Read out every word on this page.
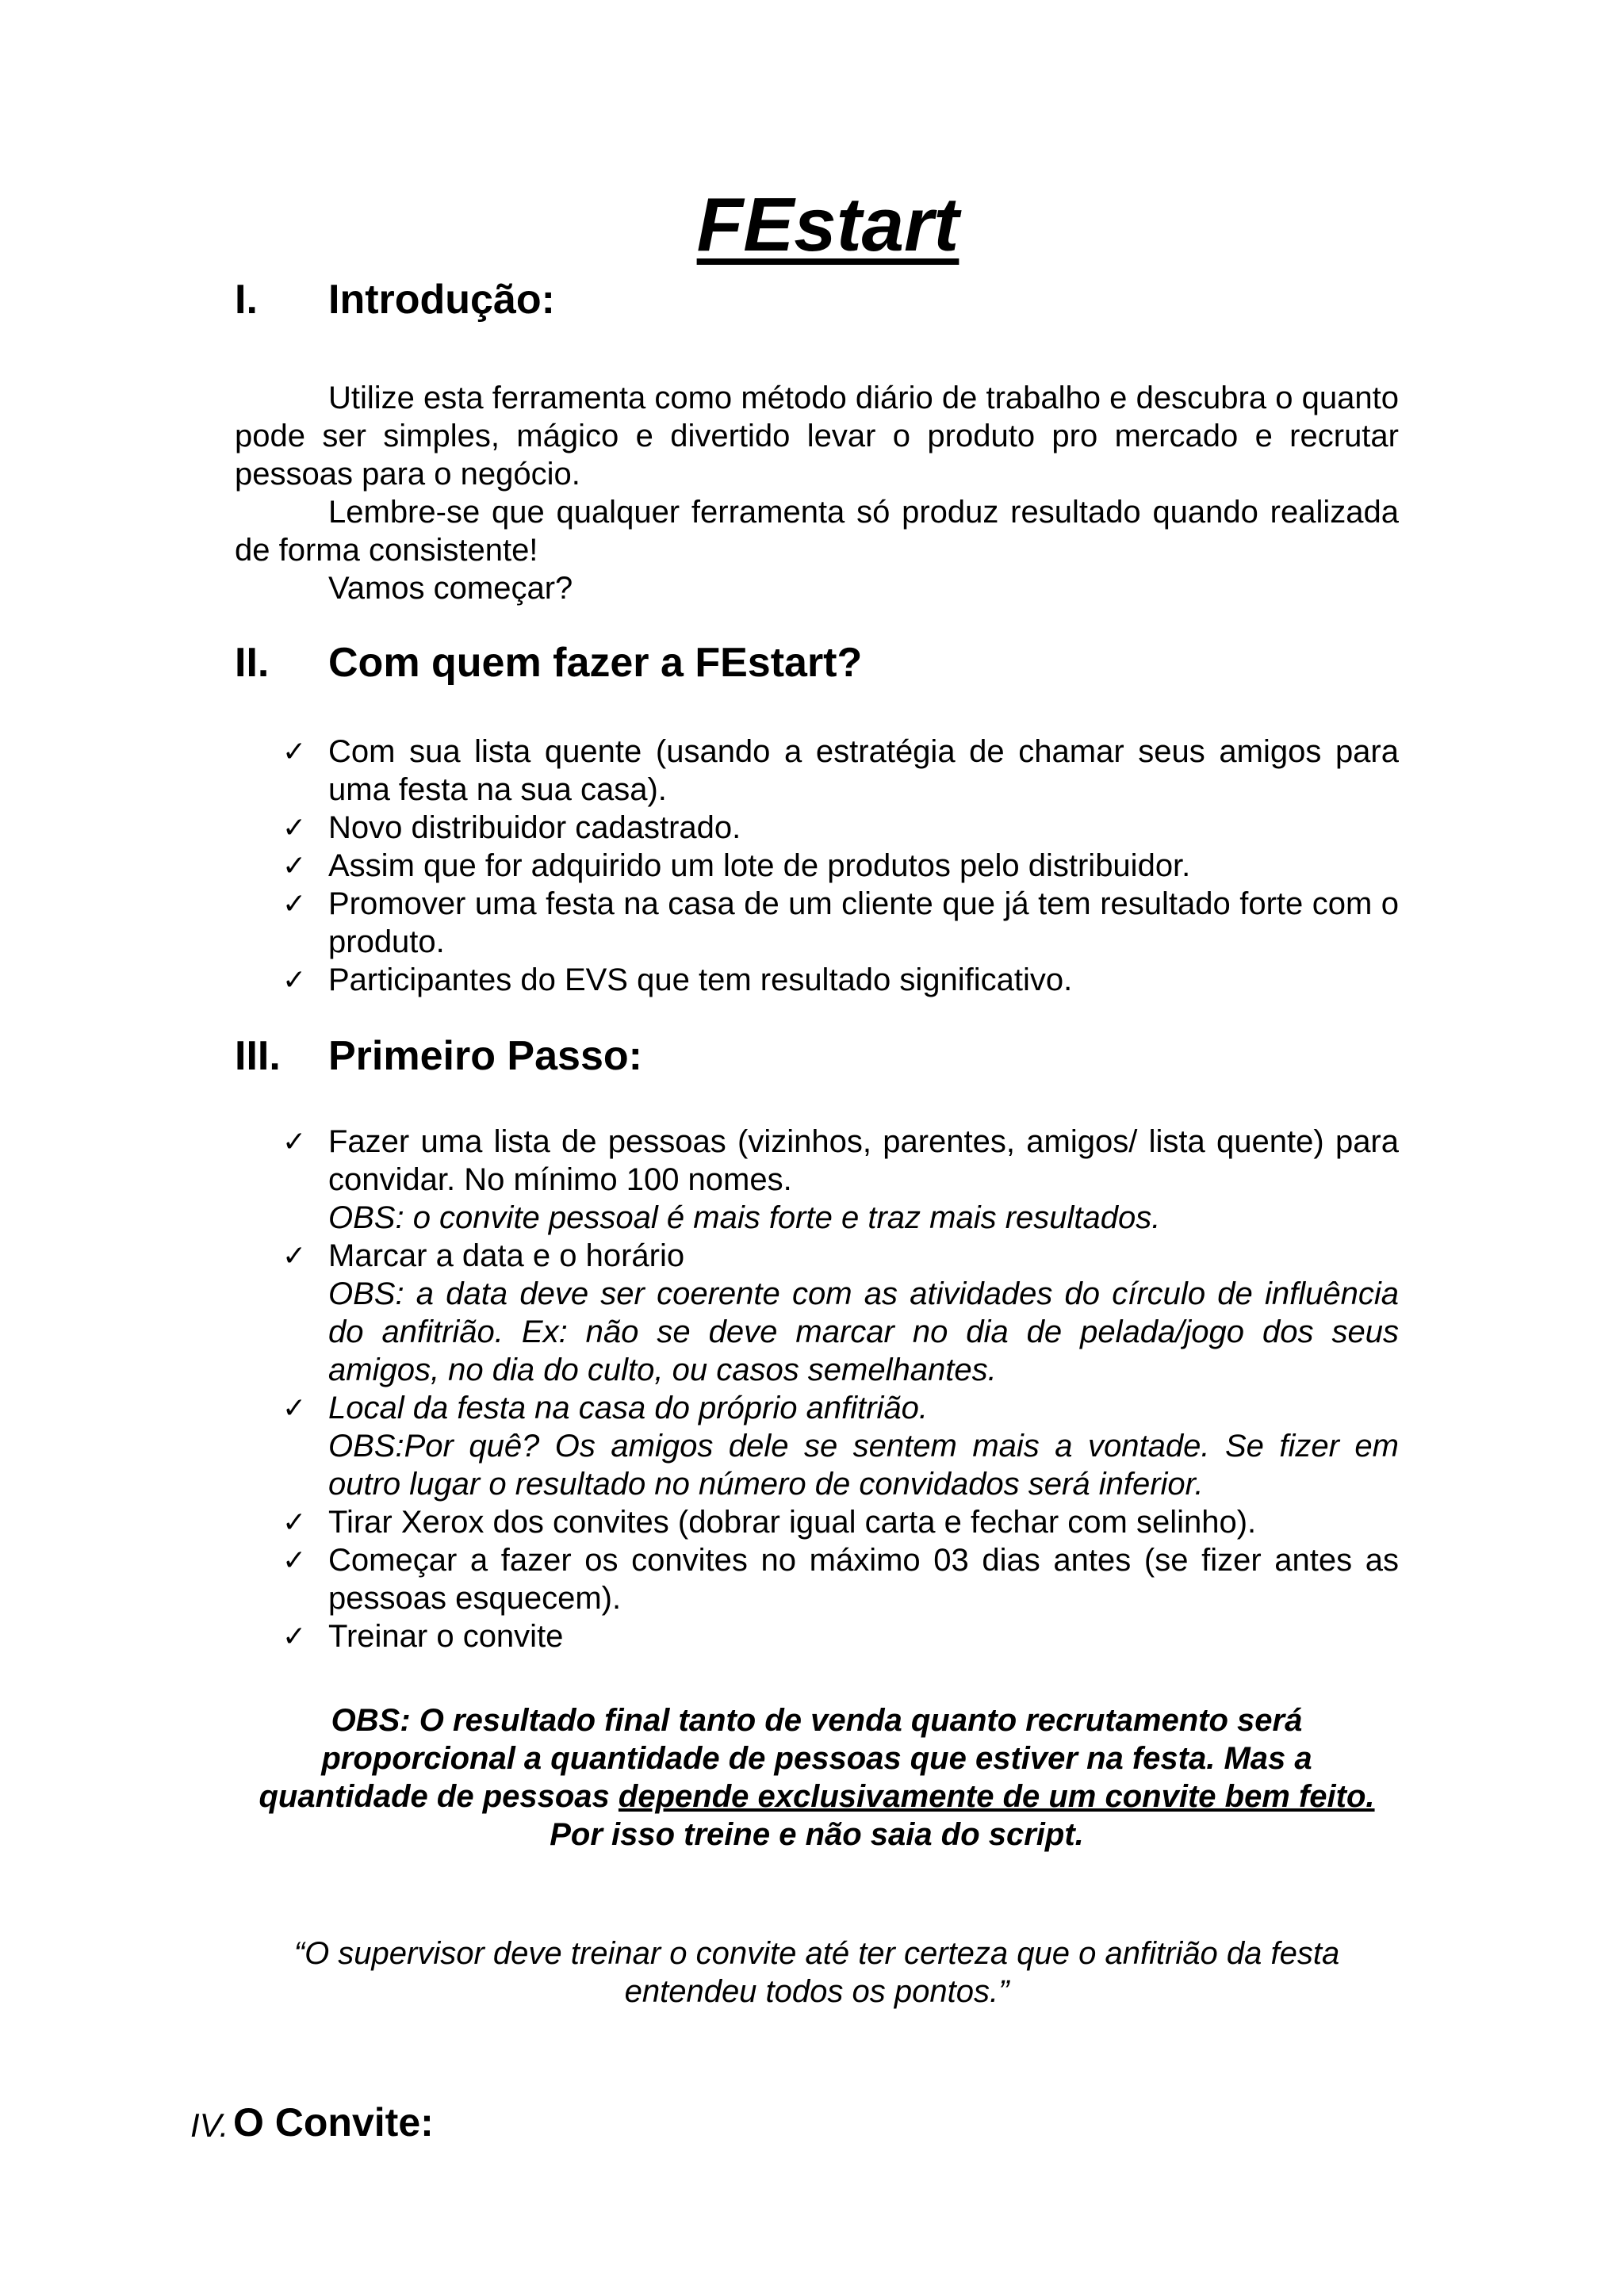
FEstart
I. Introdução:
Utilize esta ferramenta como método diário de trabalho e descubra o quanto pode ser simples, mágico e divertido levar o produto pro mercado e recrutar pessoas para o negócio.
Lembre-se que qualquer ferramenta só produz resultado quando realizada de forma consistente!
Vamos começar?
II. Com quem fazer a FEstart?
✓ Com sua lista quente (usando a estratégia de chamar seus amigos para uma festa na sua casa).
✓ Novo distribuidor cadastrado.
✓ Assim que for adquirido um lote de produtos pelo distribuidor.
✓ Promover uma festa na casa de um cliente que já tem resultado forte com o produto.
✓ Participantes do EVS que tem resultado significativo.
III. Primeiro Passo:
✓ Fazer uma lista de pessoas (vizinhos, parentes, amigos/ lista quente) para convidar. No mínimo 100 nomes.
OBS: o convite pessoal é mais forte e traz mais resultados.
✓ Marcar a data e o horário
OBS: a data deve ser coerente com as atividades do círculo de influência do anfitrião. Ex: não se deve marcar no dia de pelada/jogo dos seus amigos, no dia do culto, ou casos semelhantes.
✓ Local da festa na casa do próprio anfitrião.
OBS:Por quê? Os amigos dele se sentem mais a vontade. Se fizer em outro lugar o resultado no número de convidados será inferior.
✓ Tirar Xerox dos convites (dobrar igual carta e fechar com selinho).
✓ Começar a fazer os convites no máximo 03 dias antes (se fizer antes as pessoas esquecem).
✓ Treinar o convite

OBS: O resultado final tanto de venda quanto recrutamento será proporcional a quantidade de pessoas que estiver na festa. Mas a quantidade de pessoas depende exclusivamente de um convite bem feito. Por isso treine e não saia do script.

“O supervisor deve treinar o convite até ter certeza que o anfitrião da festa entendeu todos os pontos.”

IV. O Convite:
